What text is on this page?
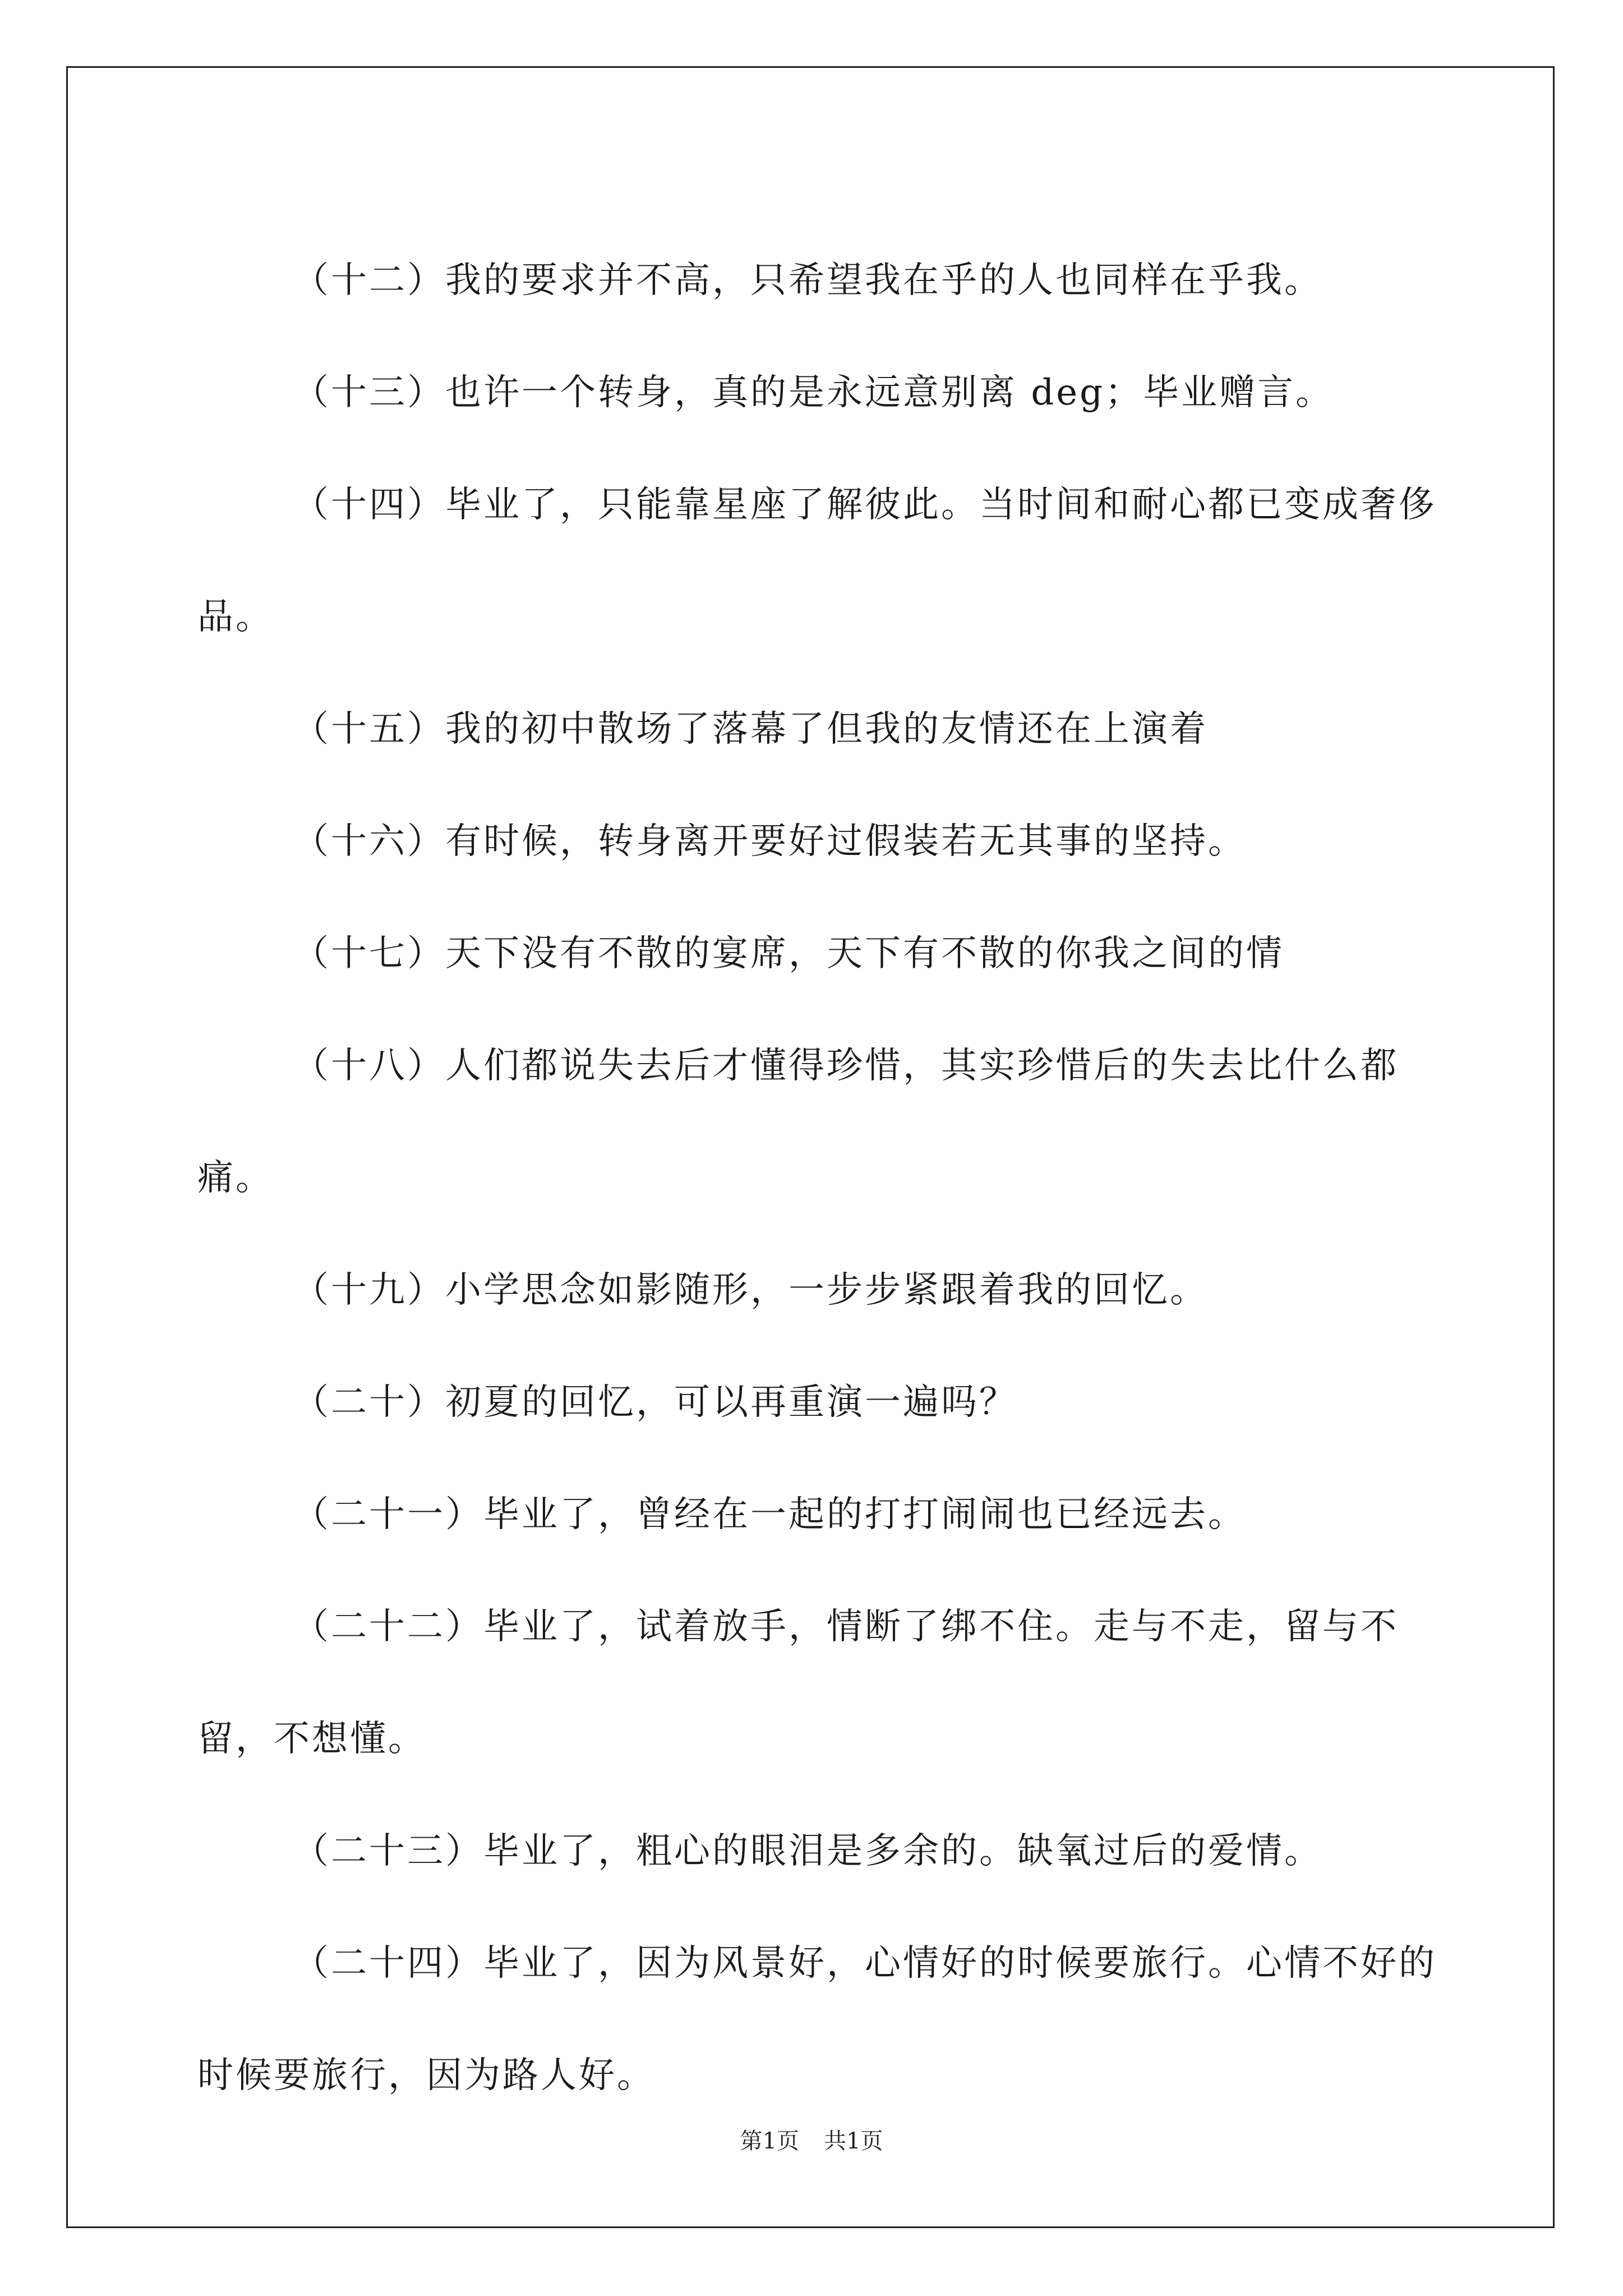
（十二）我的要求并不高，只希望我在乎的人也同样在乎我。

（十三）也许一个转身，真的是永远意别离 deg；毕业赠言。

（十四）毕业了，只能靠星座了解彼此。当时间和耐心都已变成奢侈品。

（十五）我的初中散场了落幕了但我的友情还在上演着

（十六）有时候，转身离开要好过假装若无其事的坚持。

（十七）天下没有不散的宴席，天下有不散的你我之间的情

（十八）人们都说失去后才懂得珍惜，其实珍惜后的失去比什么都痛。

（十九）小学思念如影随形，一步步紧跟着我的回忆。

（二十）初夏的回忆，可以再重演一遍吗？

（二十一）毕业了，曾经在一起的打打闹闹也已经远去。

（二十二）毕业了，试着放手，情断了绑不住。走与不走，留与不留，不想懂。

（二十三）毕业了，粗心的眼泪是多余的。缺氧过后的爱情。

（二十四）毕业了，因为风景好，心情好的时候要旅行。心情不好的时候要旅行，因为路人好。

第1页 共1页
